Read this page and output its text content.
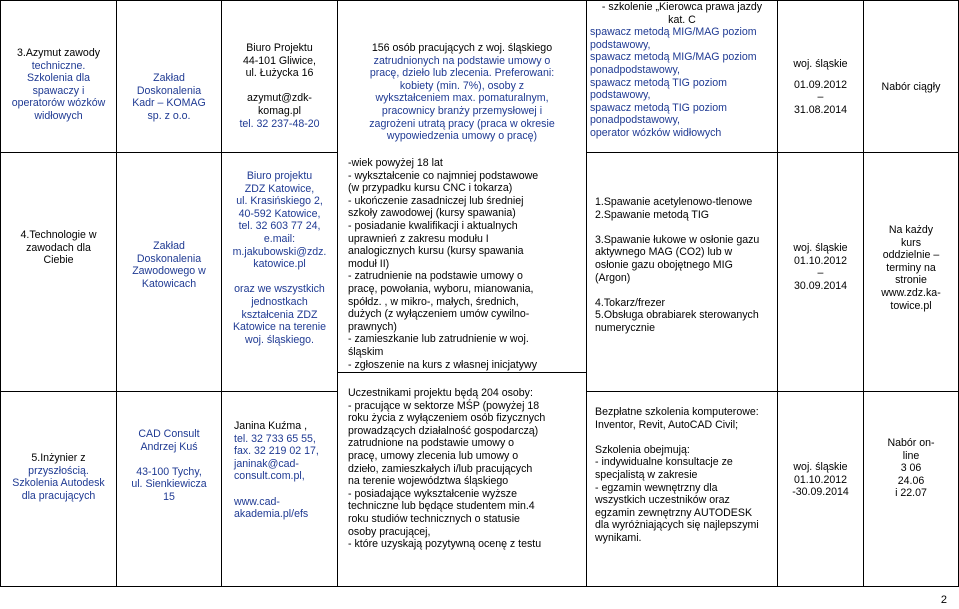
3.Azymut zawody
techniczne.
Szkolenia dla
spawaczy i
operatorów wózków
widłowych
Zakład
Doskonalenia
Kadr – KOMAG
sp. z o.o.
Biuro Projektu
44-101 Gliwice,
ul. Łużycka 16
azymut@zdk-
komag.pl
tel. 32 237-48-20
156 osób pracujących z woj. śląskiego
zatrudnionych na podstawie umowy o
pracę, dzieło lub zlecenia. Preferowani:
kobiety (min. 7%), osoby z
wykształceniem max. pomaturalnym,
pracownicy branży przemysłowej i
zagrożeni utratą pracy (praca w okresie
wypowiedzenia umowy o pracę)
- szkolenie „Kierowca prawa jazdy
kat. C
spawacz metodą MIG/MAG poziom
podstawowy,
spawacz metodą MIG/MAG poziom
ponadpodstawowy,
spawacz metodą TIG poziom
podstawowy,
spawacz metodą TIG poziom
ponadpodstawowy,
operator wózków widłowych
woj. śląskie
01.09.2012
–
31.08.2014
Nabór ciągły
4.Technologie w
zawodach dla
Ciebie
Zakład
Doskonalenia
Zawodowego w
Katowicach
Biuro projektu
ZDZ Katowice,
ul. Krasińskiego 2,
40-592 Katowice,
tel. 32 603 77 24,
e.mail:
m.jakubowski@zdz.
katowice.pl
oraz we wszystkich
jednostkach
kształcenia ZDZ
Katowice na terenie
woj. śląskiego.
-wiek powyżej 18 lat
- wykształcenie co najmniej podstawowe
(w przypadku kursu CNC i tokarza)
- ukończenie zasadniczej lub średniej
szkoły zawodowej (kursy spawania)
- posiadanie kwalifikacji i aktualnych
uprawnień z zakresu modułu I
analogicznych kursu (kursy spawania
moduł II)
- zatrudnienie na podstawie umowy o
pracę, powołania, wyboru, mianowania,
spółdz. , w mikro-, małych, średnich,
dużych (z wyłączeniem umów cywilno-
prawnych)
- zamieszkanie lub zatrudnienie w woj.
śląskim
- zgłoszenie na kurs z własnej inicjatywy
1.Spawanie acetylenowo-tlenowe
2.Spawanie metodą TIG
3.Spawanie łukowe w osłonie gazu
aktywnego MAG (CO2) lub w
osłonie gazu obojętnego MIG
(Argon)
4.Tokarz/frezer
5.Obsługa obrabiarek sterowanych
numerycznie
woj. śląskie
01.10.2012
–
30.09.2014
Na każdy
kurs
oddzielnie –
terminy na
stronie
www.zdz.ka-
towice.pl
5.Inżynier z
przyszłością.
Szkolenia Autodesk
dla pracujących
CAD Consult
Andrzej Kuś
43-100 Tychy,
ul. Sienkiewicza
15
Janina Kuźma ,
tel. 32 733 65 55,
fax. 32 219 02 17,
janinak@cad-
consult.com.pl,
www.cad-
akademia.pl/efs
Uczestnikami projektu będą 204 osoby:
- pracujące w sektorze MŚP (powyżej 18
roku życia z wyłączeniem osób fizycznych
prowadzących działalność gospodarczą)
zatrudnione na podstawie umowy o
pracę, umowy zlecenia lub umowy o
dzieło, zamieszkałych i/lub pracujących
na terenie województwa śląskiego
- posiadające wykształcenie wyższe
techniczne lub będące studentem min.4
roku studiów technicznych o statusie
osoby pracującej,
- które uzyskają pozytywną ocenę z testu
Bezpłatne szkolenia komputerowe:
Inventor, Revit, AutoCAD Civil;
Szkolenia obejmują:
- indywidualne konsultacje ze
specjalistą w zakresie
- egzamin wewnętrzny dla
wszystkich uczestników oraz
egzamin zewnętrzny AUTODESK
dla wyróżniających się najlepszymi
wynikami.
woj. śląskie
01.10.2012
-30.09.2014
Nabór on-
line
3 06
24.06
i 22.07
2
